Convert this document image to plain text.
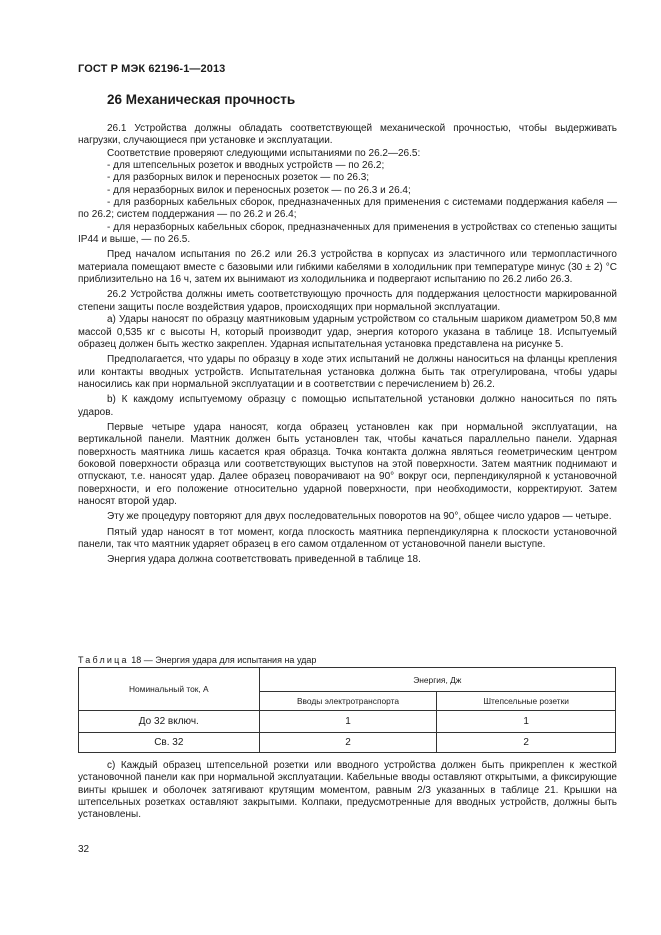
ГОСТ Р МЭК 62196-1—2013

26 Механическая прочность

26.1 Устройства должны обладать соответствующей механической прочностью, чтобы выдерживать нагрузки, случающиеся при установке и эксплуатации.

Соответствие проверяют следующими испытаниями по 26.2—26.5:

- для штепсельных розеток и вводных устройств — по 26.2;

- для разборных вилок и переносных розеток — по 26.3;

- для неразборных вилок и переносных розеток — по 26.3 и 26.4;

- для разборных кабельных сборок, предназначенных для применения с системами поддержания кабеля — по 26.2; систем поддержания — по 26.2 и 26.4;

- для неразборных кабельных сборок, предназначенных для применения в устройствах со степенью защиты IP44 и выше, — по 26.5.

Пред началом испытания по 26.2 или 26.3 устройства в корпусах из эластичного или термопластичного материала помещают вместе с базовыми или гибкими кабелями в холодильник при температуре минус (30 ± 2) °С приблизительно на 16 ч, затем их вынимают из холодильника и подвергают испытанию по 26.2 либо 26.3.

26.2 Устройства должны иметь соответствующую прочность для поддержания целостности маркированной степени защиты после воздействия ударов, происходящих при нормальной эксплуатации.

а) Удары наносят по образцу маятниковым ударным устройством со стальным шариком диаметром 50,8 мм массой 0,535 кг с высоты H, который производит удар, энергия которого указана в таблице 18. Испытуемый образец должен быть жестко закреплен. Ударная испытательная установка представлена на рисунке 5.

Предполагается, что удары по образцу в ходе этих испытаний не должны наноситься на фланцы крепления или контакты вводных устройств. Испытательная установка должна быть так отрегулирована, чтобы удары наносились как при нормальной эксплуатации и в соответствии с перечислением b) 26.2.

b) К каждому испытуемому образцу с помощью испытательной установки должно наноситься по пять ударов.

Первые четыре удара наносят, когда образец установлен как при нормальной эксплуатации, на вертикальной панели. Маятник должен быть установлен так, чтобы качаться параллельно панели. Ударная поверхность маятника лишь касается края образца. Точка контакта должна являться геометрическим центром боковой поверхности образца или соответствующих выступов на этой поверхности. Затем маятник поднимают и отпускают, т.е. наносят удар. Далее образец поворачивают на 90° вокруг оси, перпендикулярной к установочной поверхности, и его положение относительно ударной поверхности, при необходимости, корректируют. Затем наносят второй удар.

Эту же процедуру повторяют для двух последовательных поворотов на 90°, общее число ударов — четыре.

Пятый удар наносят в тот момент, когда плоскость маятника перпендикулярна к плоскости установочной панели, так что маятник ударяет образец в его самом отдаленном от установочной панели выступе.

Энергия удара должна соответствовать приведенной в таблице 18.

Таблица 18 — Энергия удара для испытания на удар

Номинальный ток, А	Энергия, Дж	
	Вводы электротранспорта	Штепсельные розетки
До 32 включ.	1	1
Св. 32	2	2

с) Каждый образец штепсельной розетки или вводного устройства должен быть прикреплен к жесткой установочной панели как при нормальной эксплуатации. Кабельные вводы оставляют открытыми, а фиксирующие винты крышек и оболочек затягивают крутящим моментом, равным 2/3 указанных в таблице 21. Крышки на штепсельных розетках оставляют закрытыми. Колпаки, предусмотренные для вводных устройств, должны быть установлены.

32
